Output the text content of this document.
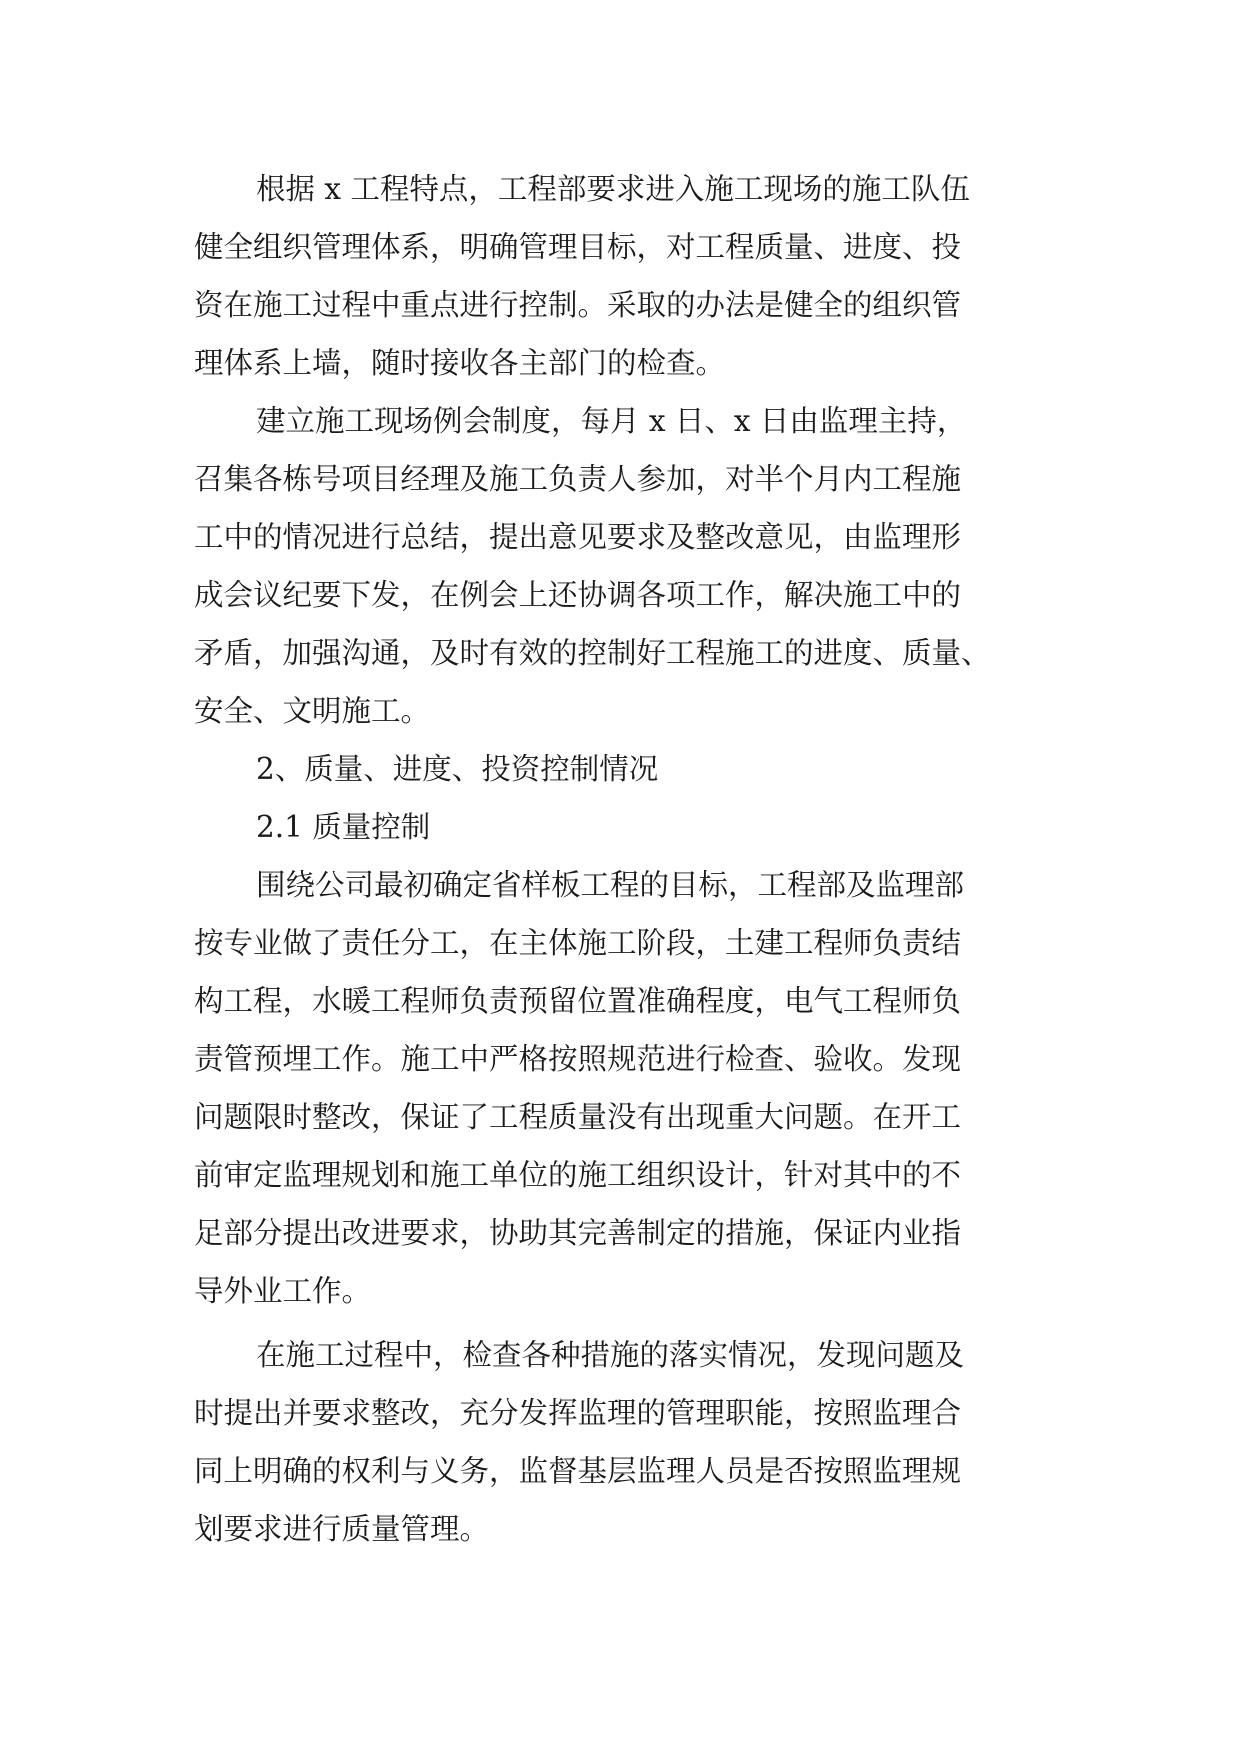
根据 x 工程特点，工程部要求进入施工现场的施工队伍
健全组织管理体系，明确管理目标，对工程质量、进度、投
资在施工过程中重点进行控制。采取的办法是健全的组织管
理体系上墙，随时接收各主部门的检查。
建立施工现场例会制度，每月 x 日、x 日由监理主持，
召集各栋号项目经理及施工负责人参加，对半个月内工程施
工中的情况进行总结，提出意见要求及整改意见，由监理形
成会议纪要下发，在例会上还协调各项工作，解决施工中的
矛盾，加强沟通，及时有效的控制好工程施工的进度、质量、
安全、文明施工。
2、质量、进度、投资控制情况
2.1 质量控制
围绕公司最初确定省样板工程的目标，工程部及监理部
按专业做了责任分工，在主体施工阶段，土建工程师负责结
构工程，水暖工程师负责预留位置准确程度，电气工程师负
责管预埋工作。施工中严格按照规范进行检查、验收。发现
问题限时整改，保证了工程质量没有出现重大问题。在开工
前审定监理规划和施工单位的施工组织设计，针对其中的不
足部分提出改进要求，协助其完善制定的措施，保证内业指
导外业工作。
在施工过程中，检查各种措施的落实情况，发现问题及
时提出并要求整改，充分发挥监理的管理职能，按照监理合
同上明确的权利与义务，监督基层监理人员是否按照监理规
划要求进行质量管理。
